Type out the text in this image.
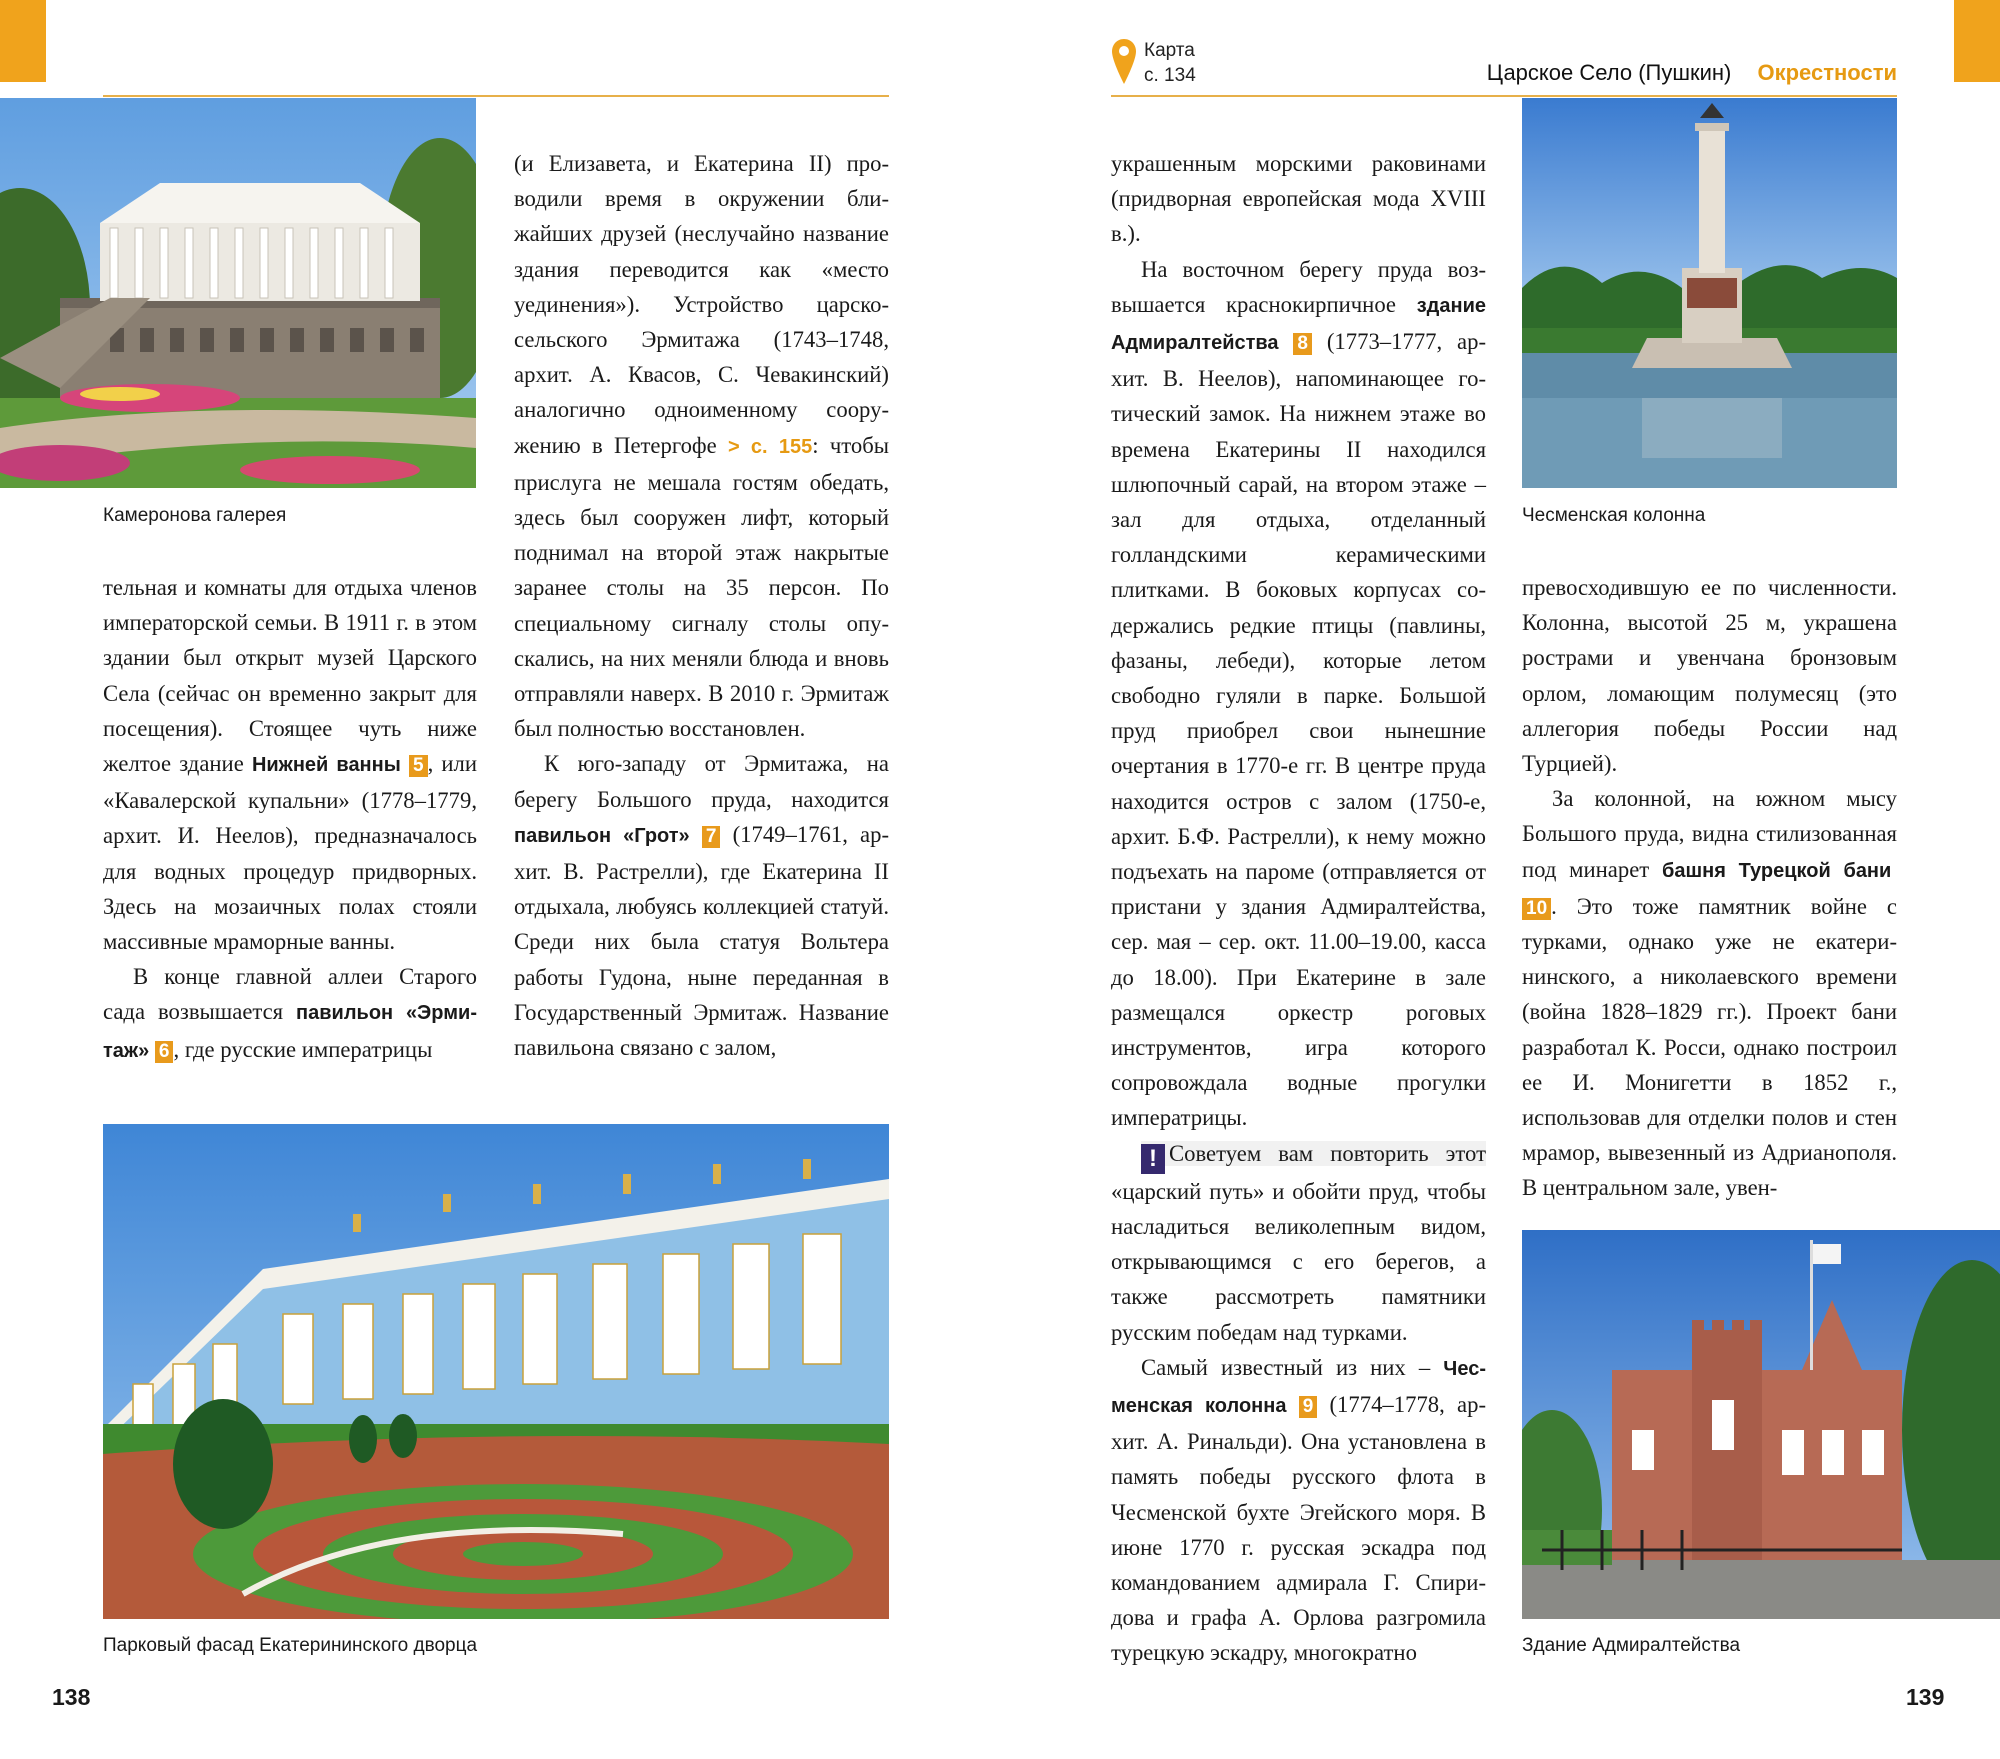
Карта
с. 134	Царское Село (Пушкин) Окрестности
Камеронова галерея

тельная и комнаты для отдыха членов императорской семьи. В 1911 г. в этом здании был открыт музей Царского Села (сейчас он временно закрыт для посещения). Стоящее чуть ниже желтое здание Нижней ванны 5 , или «Кавалерской купальни» (1778–1779, архит. И. Неелов), предназначалось для водных процедур придворных. Здесь на мозаичных полах стояли массивные мраморные ванны.

В конце главной аллеи Старого сада возвышается павильон «Эрмитаж» 6 , где русские императрицы

(и Елизавета, и Екатерина II) проводили время в окружении ближайших друзей (неслучайно название здания переводится как «место уединения»). Устройство царскосельского Эрмитажа (1743–1748, архит. А. Квасов, С. Чевакинский) аналогично одноименному сооружению в Петергофе > с. 155: чтобы прислуга не мешала гостям обедать, здесь был сооружен лифт, который поднимал на второй этаж накрытые заранее столы на 35 персон. По специальному сигналу столы опускались, на них меняли блюда и вновь отправляли наверх. В 2010 г. Эрмитаж был полностью восстановлен.

К юго-западу от Эрмитажа, на берегу Большого пруда, находится павильон «Грот» 7 (1749–1761, архит. В. Растрелли), где Екатерина II отдыхала, любуясь коллекцией статуй. Среди них была статуя Вольтера работы Гудона, ныне переданная в Государственный Эрмитаж. Название павильона связано с залом,

Парковый фасад Екатерининского дворца
138

украшенным морскими раковинами (придворная европейская мода XVIII в.).

На восточном берегу пруда возвышается краснокирпичное здание Адмиралтейства 8 (1773–1777, архит. В. Неелов), напоминающее готический замок. На нижнем этаже во времена Екатерины II находился шлюпочный сарай, на втором этаже – зал для отдыха, отделанный голландскими керамическими плитками. В боковых корпусах содержались редкие птицы (павлины, фазаны, лебеди), которые летом свободно гуляли в парке. Большой пруд приобрел свои нынешние очертания в 1770-е гг. В центре пруда находится остров с залом (1750-е, архит. Б.Ф. Растрелли), к нему можно подъехать на пароме (отправляется от пристани у здания Адмиралтейства, сер. мая – сер. окт. 11.00–19.00, касса до 18.00). При Екатерине в зале размещался оркестр роговых инструментов, игра которого сопровождала водные прогулки императрицы.

! Советуем вам повторить этот «царский путь» и обойти пруд, чтобы насладиться великолепным видом, открывающимся с его берегов, а также рассмотреть памятники русским победам над турками.

Самый известный из них – Чесменская колонна 9 (1774–1778, архит. А. Ринальди). Она установлена в память победы русского флота в Чесменской бухте Эгейского моря. В июне 1770 г. русская эскадра под командованием адмирала Г. Спиридова и графа А. Орлова разгромила турецкую эскадру, многократно

Чесменская колонна

превосходившую ее по численности. Колонна, высотой 25 м, украшена рострами и увенчана бронзовым орлом, ломающим полумесяц (это аллегория победы России над Турцией).

За колонной, на южном мысу Большого пруда, видна стилизованная под минарет башня Турецкой бани 10 . Это тоже памятник войне с турками, однако уже не екатерининского, а николаевского времени (война 1828–1829 гг.). Проект бани разработал К. Росси, однако построил ее И. Монигетти в 1852 г., использовав для отделки полов и стен мрамор, вывезенный из Адрианополя. В центральном зале, увен-

Здание Адмиралтейства
139
